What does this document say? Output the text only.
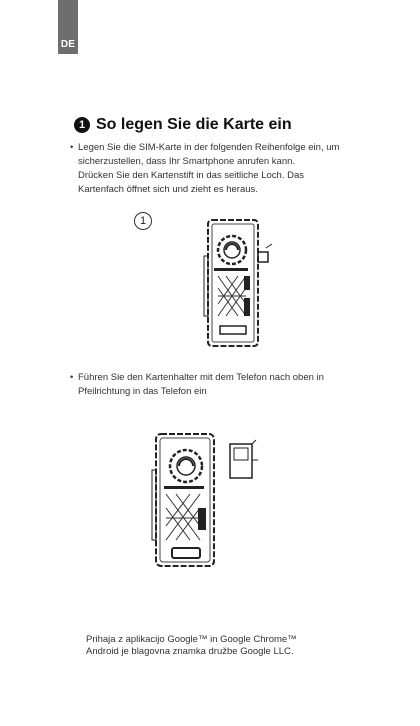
DE
1 So legen Sie die Karte ein
• Legen Sie die SIM-Karte in der folgenden Reihenfolge ein, um
sicherzustellen, dass Ihr Smartphone anrufen kann.
Drücken Sie den Kartenstift in das seitliche Loch. Das
Kartenfach öffnet sich und zieht es heraus.
1
• Führen Sie den Kartenhalter mit dem Telefon nach oben in
Pfeilrichtung in das Telefon ein
Prihaja z aplikacijo Google™ in Google Chrome™
Android je blagovna znamka družbe Google LLC.
